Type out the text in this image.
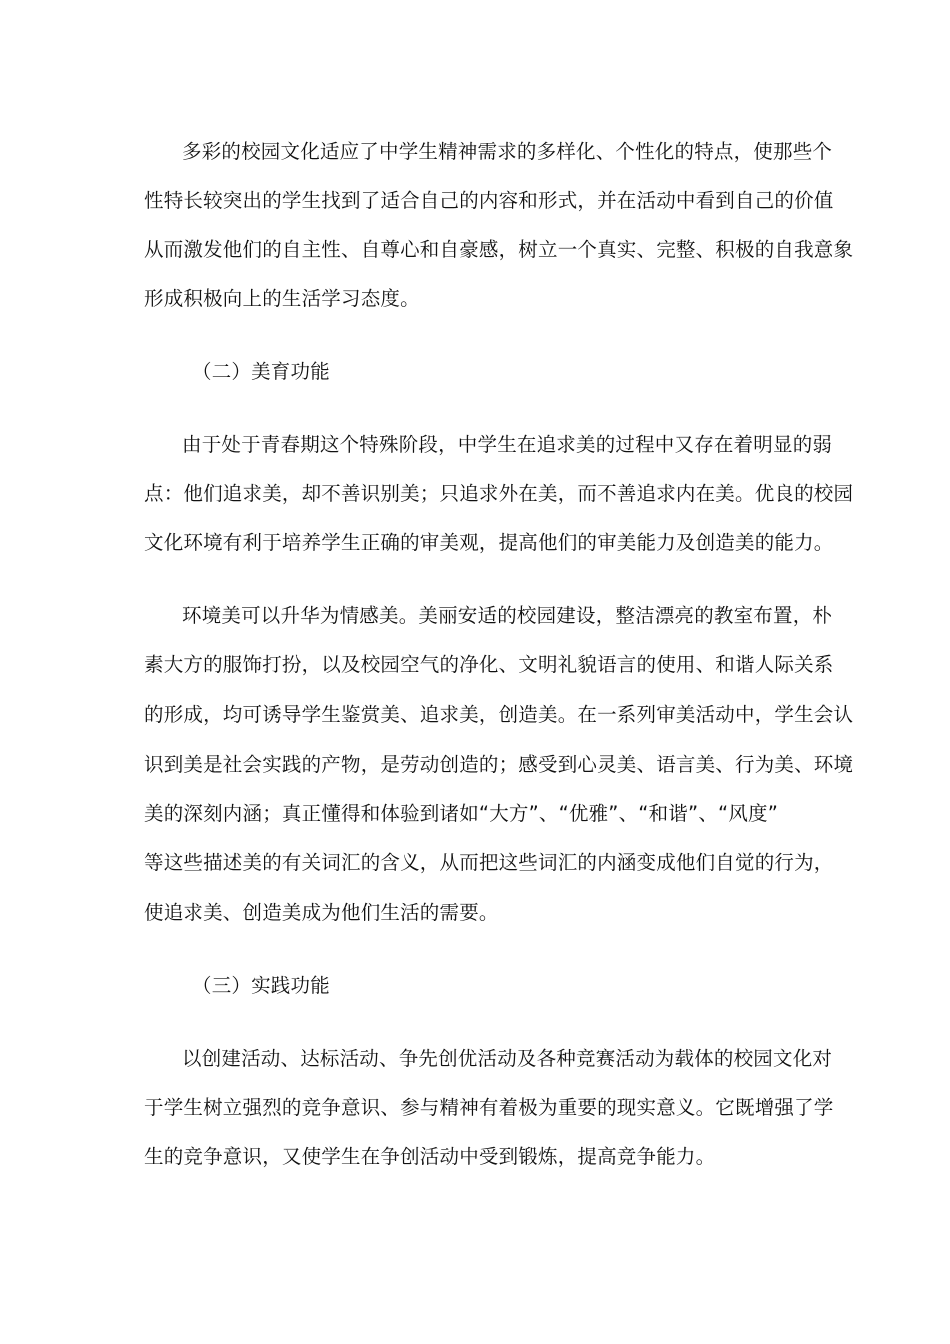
多彩的校园文化适应了中学生精神需求的多样化、个性化的特点，使那些个
性特长较突出的学生找到了适合自己的内容和形式，并在活动中看到自己的价值
从而激发他们的自主性、自尊心和自豪感，树立一个真实、完整、积极的自我意象
形成积极向上的生活学习态度。
（二）美育功能
由于处于青春期这个特殊阶段，中学生在追求美的过程中又存在着明显的弱
点：他们追求美，却不善识别美；只追求外在美，而不善追求内在美。优良的校园
文化环境有利于培养学生正确的审美观，提高他们的审美能力及创造美的能力。
环境美可以升华为情感美。美丽安适的校园建设，整洁漂亮的教室布置，朴
素大方的服饰打扮，以及校园空气的净化、文明礼貌语言的使用、和谐人际关系
的形成，均可诱导学生鉴赏美、追求美，创造美。在一系列审美活动中，学生会认
识到美是社会实践的产物，是劳动创造的；感受到心灵美、语言美、行为美、环境
美的深刻内涵；真正懂得和体验到诸如“大方”、“优雅”、“和谐”、“风度”
等这些描述美的有关词汇的含义，从而把这些词汇的内涵变成他们自觉的行为，
使追求美、创造美成为他们生活的需要。
（三）实践功能
以创建活动、达标活动、争先创优活动及各种竞赛活动为载体的校园文化对
于学生树立强烈的竞争意识、参与精神有着极为重要的现实意义。它既增强了学
生的竞争意识，又使学生在争创活动中受到锻炼，提高竞争能力。
